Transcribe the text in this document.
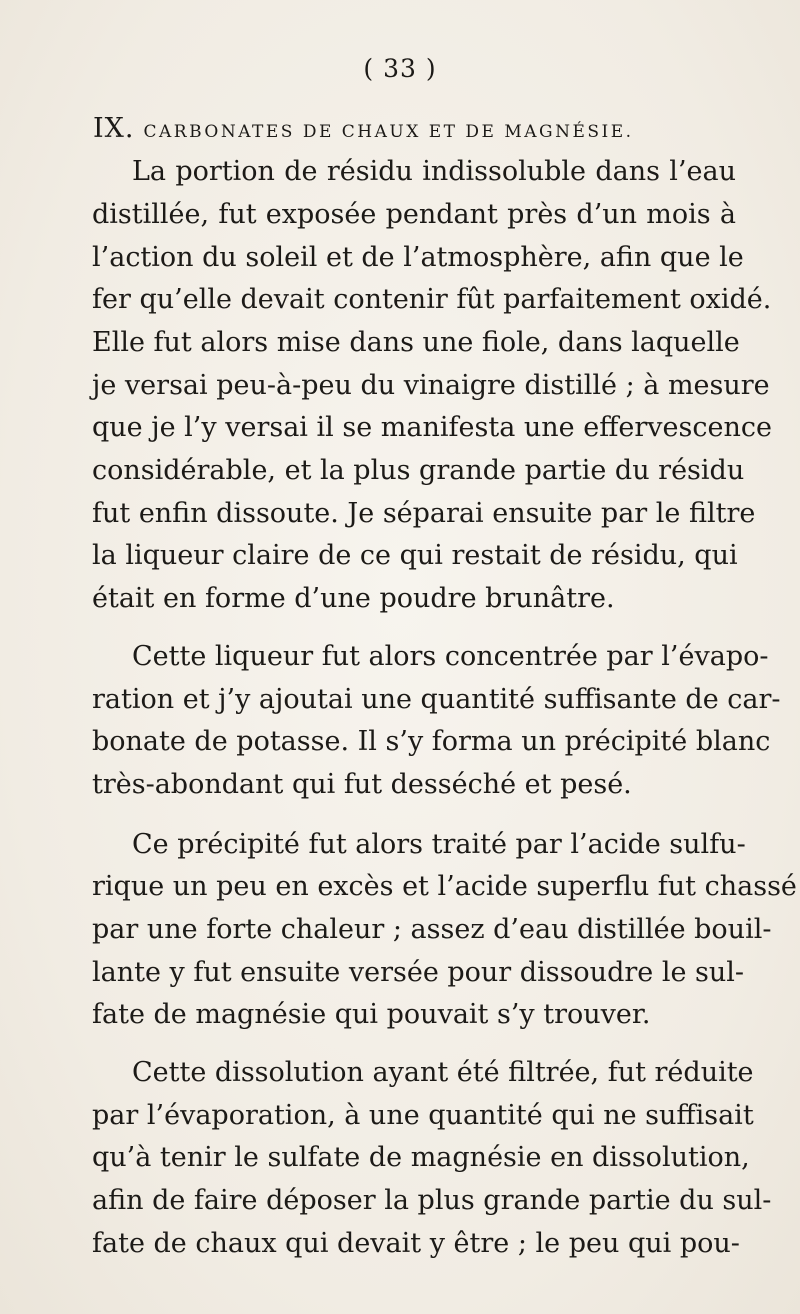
( 33 )
IX. CARBONATES DE CHAUX ET DE MAGNÉSIE.
La portion de résidu indissoluble dans l’eau
distillée, fut exposée pendant près d’un mois à
l’action du soleil et de l’atmosphère, afin que le
fer qu’elle devait contenir fût parfaitement oxidé.
Elle fut alors mise dans une fiole, dans laquelle
je versai peu-à-peu du vinaigre distillé ; à mesure
que je l’y versai il se manifesta une effervescence
considérable, et la plus grande partie du résidu
fut enfin dissoute. Je séparai ensuite par le filtre
la liqueur claire de ce qui restait de résidu, qui
était en forme d’une poudre brunâtre.
Cette liqueur fut alors concentrée par l’évapo-
ration et j’y ajoutai une quantité suffisante de car-
bonate de potasse. Il s’y forma un précipité blanc
très-abondant qui fut desséché et pesé.
Ce précipité fut alors traité par l’acide sulfu-
rique un peu en excès et l’acide superflu fut chassé
par une forte chaleur ; assez d’eau distillée bouil-
lante y fut ensuite versée pour dissoudre le sul-
fate de magnésie qui pouvait s’y trouver.
Cette dissolution ayant été filtrée, fut réduite
par l’évaporation, à une quantité qui ne suffisait
qu’à tenir le sulfate de magnésie en dissolution,
afin de faire déposer la plus grande partie du sul-
fate de chaux qui devait y être ; le peu qui pou-
